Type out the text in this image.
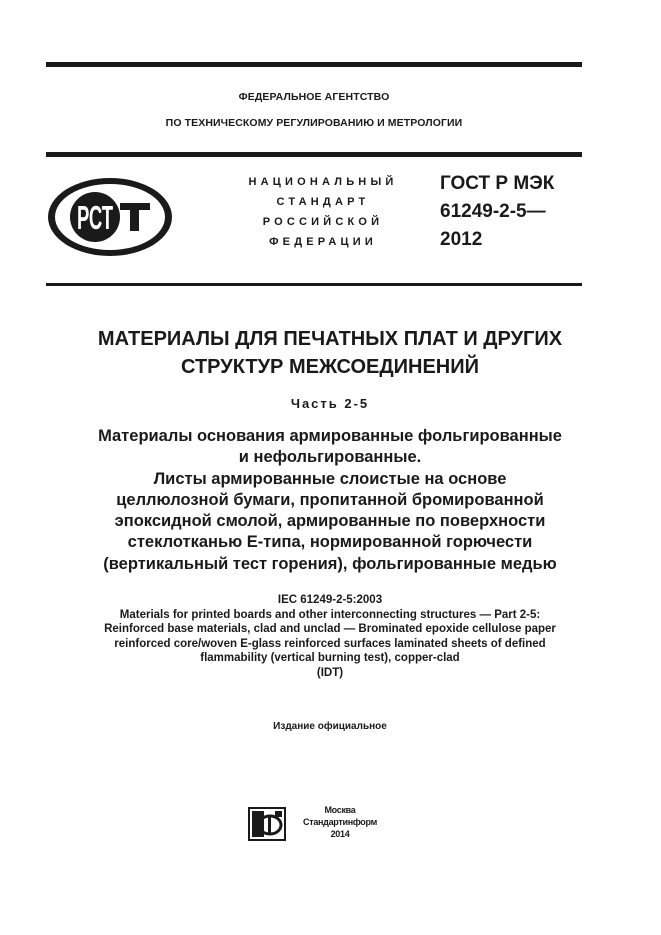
ФЕДЕРАЛЬНОЕ АГЕНТСТВО
ПО ТЕХНИЧЕСКОМУ РЕГУЛИРОВАНИЮ И МЕТРОЛОГИИ
РСТ
НАЦИОНАЛЬНЫЙ
СТАНДАРТ
РОССИЙСКОЙ
ФЕДЕРАЦИИ
ГОСТ Р МЭК
61249-2-5—
2012
МАТЕРИАЛЫ ДЛЯ ПЕЧАТНЫХ ПЛАТ И ДРУГИХ
СТРУКТУР МЕЖСОЕДИНЕНИЙ
Часть 2-5
Материалы основания армированные фольгированные
и нефольгированные.
Листы армированные слоистые на основе
целлюлозной бумаги, пропитанной бромированной
эпоксидной смолой, армированные по поверхности
стеклотканью Е-типа, нормированной горючести
(вертикальный тест горения), фольгированные медью
IEC 61249-2-5:2003
Materials for printed boards and other interconnecting structures — Part 2-5:
Reinforced base materials, clad and unclad — Brominated epoxide cellulose paper
reinforced core/woven E-glass reinforced surfaces laminated sheets of defined
flammability (vertical burning test), copper-clad
(IDT)
Издание официальное
Москва
Стандартинформ
2014
